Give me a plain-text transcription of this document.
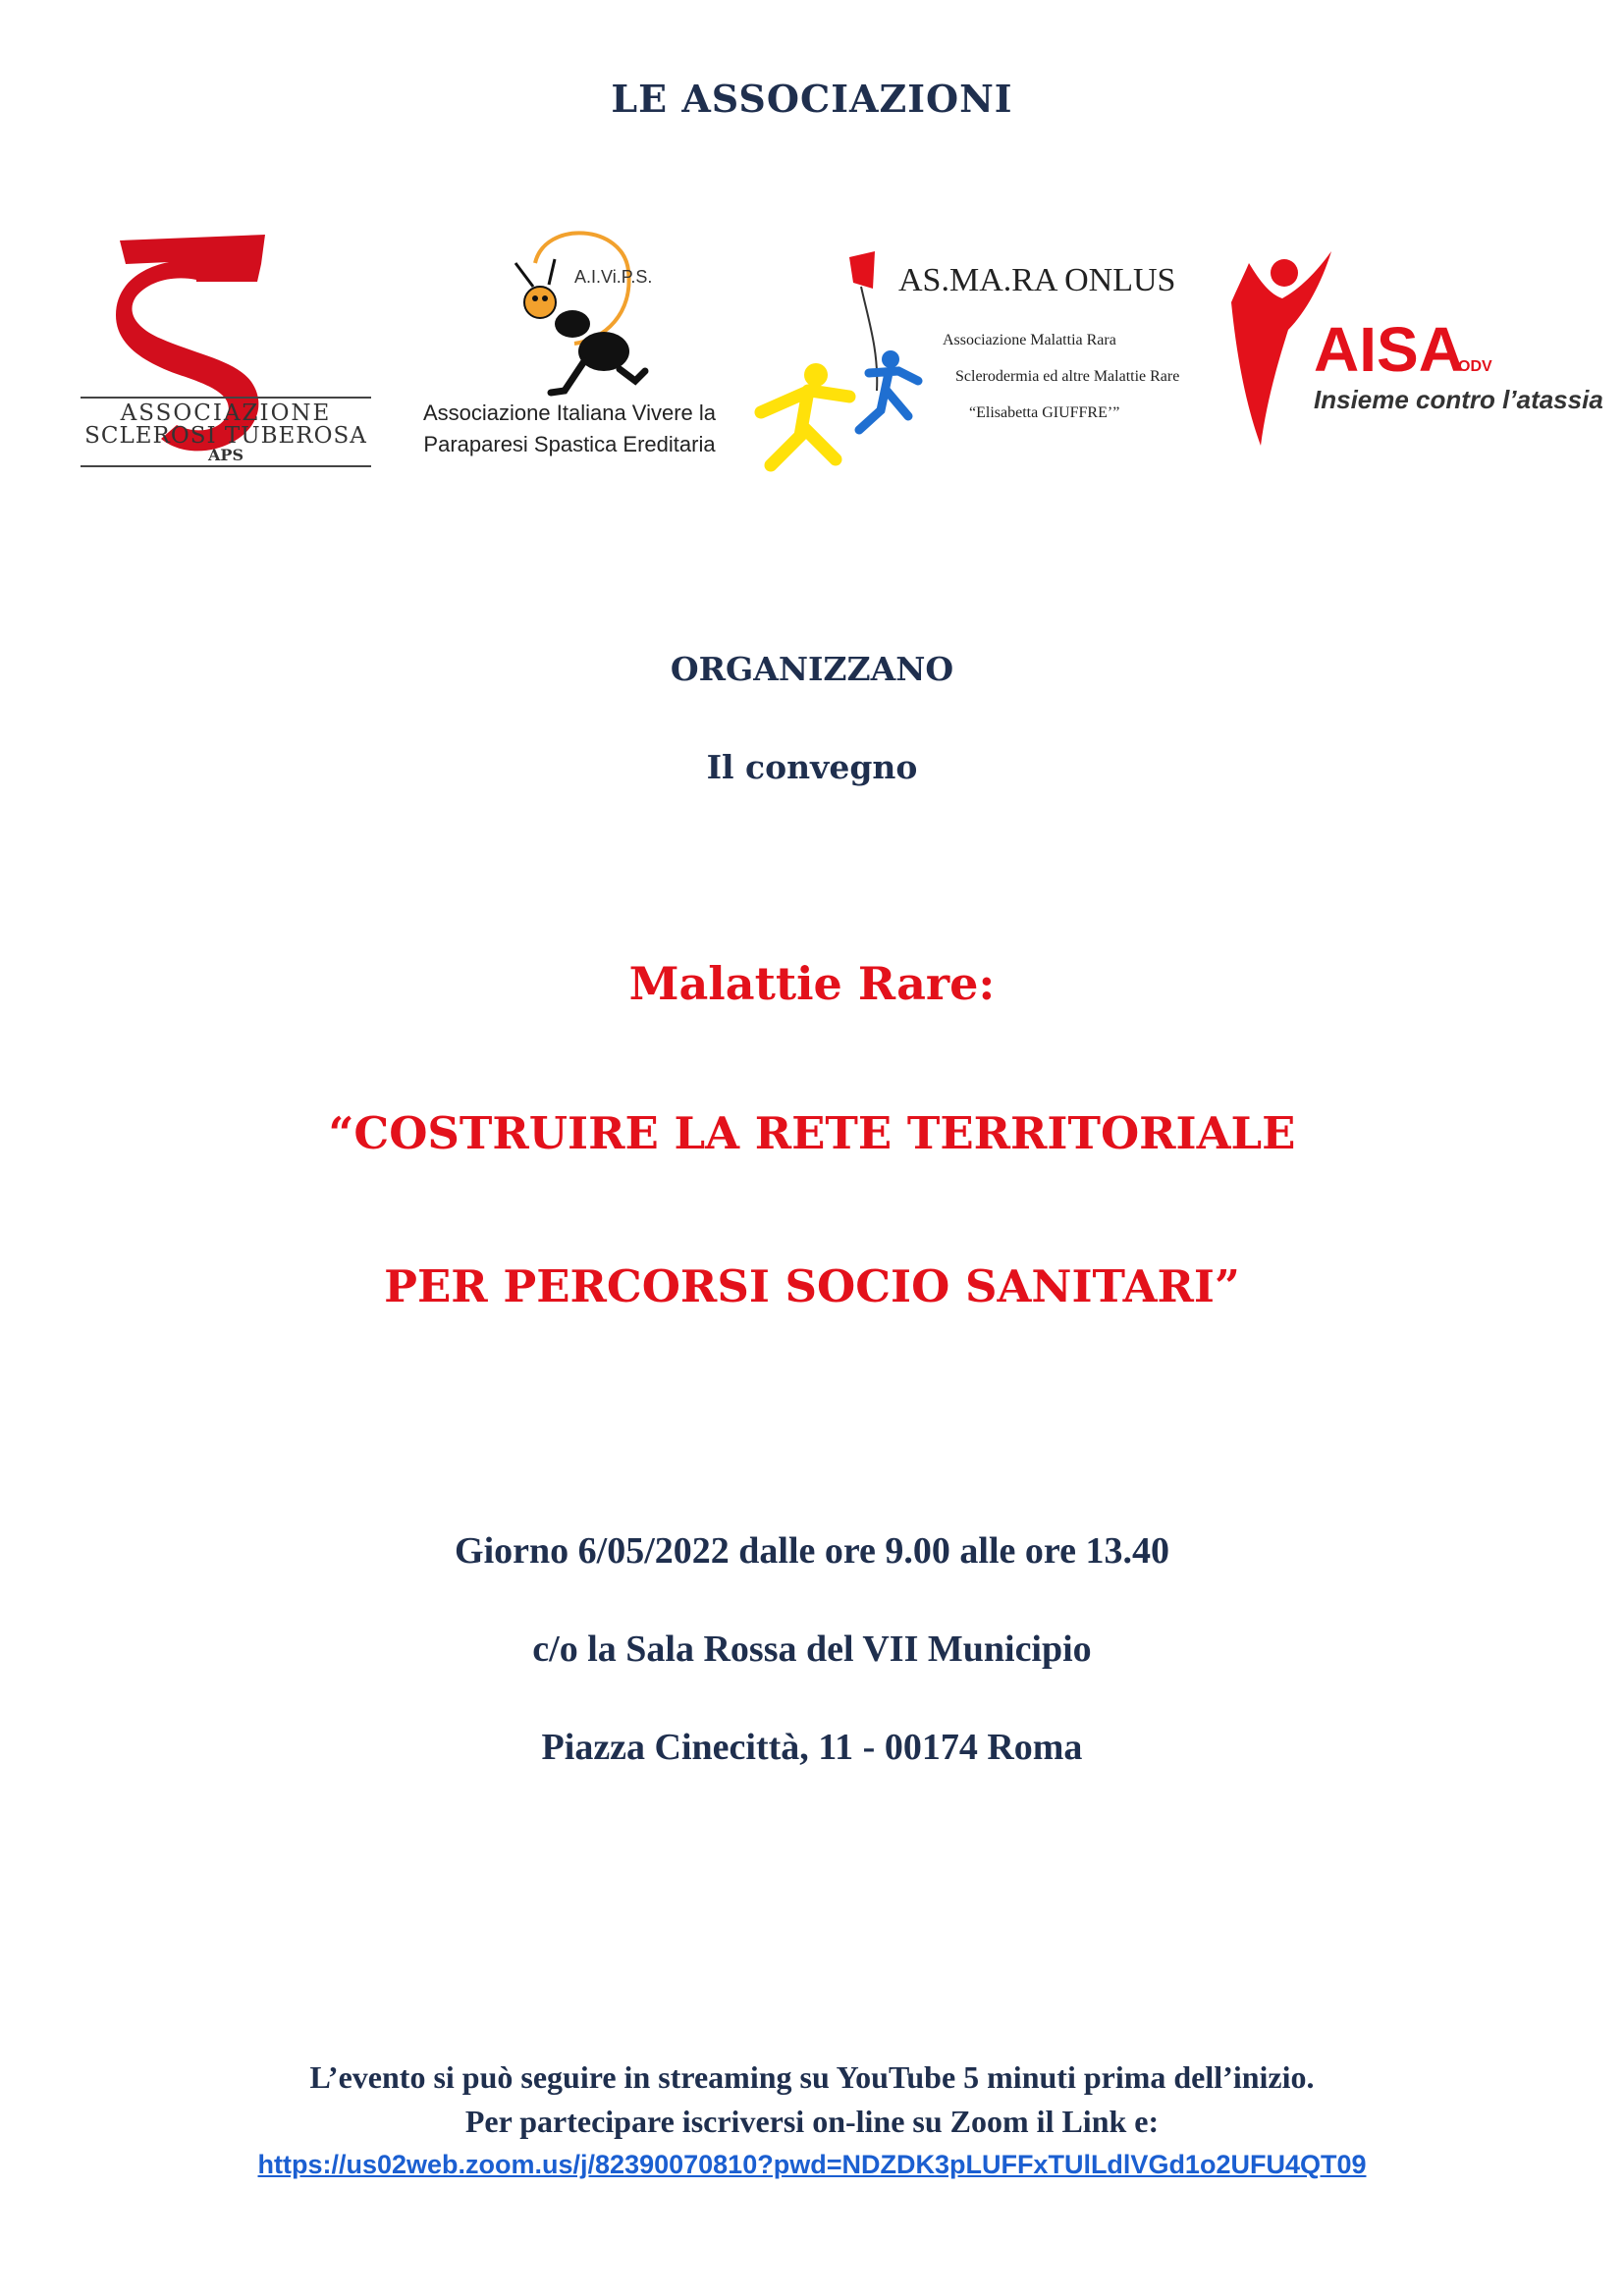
LE ASSOCIAZIONI
ASSOCIAZIONE
SCLEROSI TUBEROSA
APS
A.I.Vi.P.S.
Associazione Italiana Vivere la
Paraparesi Spastica Ereditaria
AS.MA.RA ONLUS
Associazione Malattia Rara
Sclerodermia ed altre Malattie Rare
“Elisabetta GIUFFRE’”
AISA
ODV
Insieme contro l’atassia
ORGANIZZANO
Il convegno
Malattie Rare:
“COSTRUIRE LA RETE TERRITORIALE
PER PERCORSI SOCIO SANITARI”
Giorno 6/05/2022 dalle ore 9.00 alle ore 13.40
c/o la Sala Rossa del VII Municipio
Piazza Cinecittà, 11 - 00174 Roma
L’evento si può seguire in streaming su YouTube 5 minuti prima dell’inizio.
Per partecipare iscriversi on-line su Zoom il Link e:
https://us02web.zoom.us/j/82390070810?pwd=NDZDK3pLUFFxTUlLdlVGd1o2UFU4QT09
